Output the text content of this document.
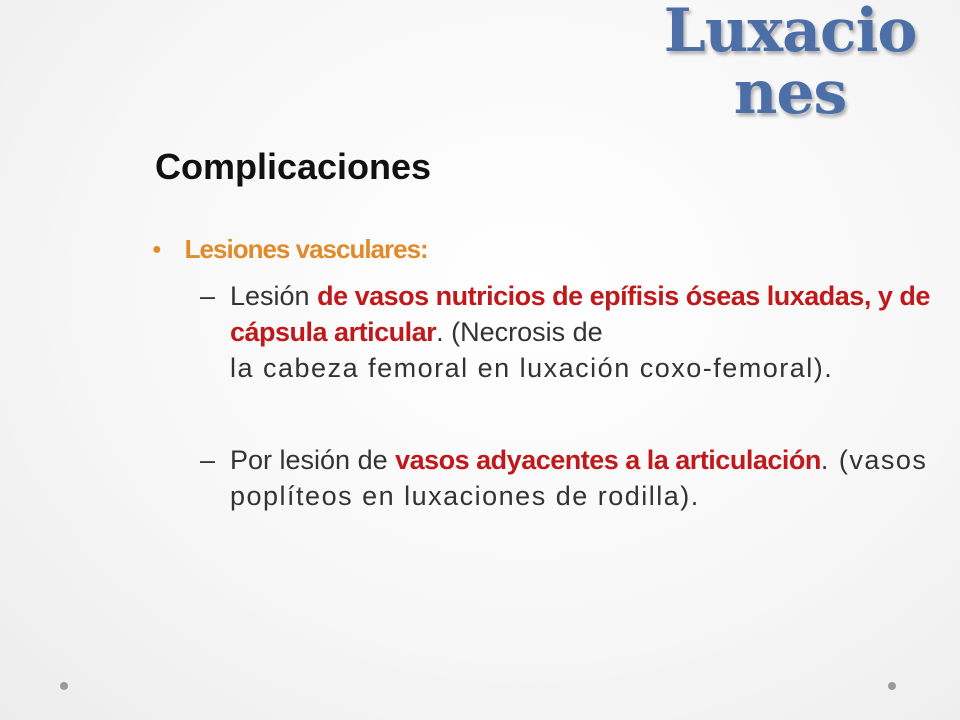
Luxacio
nes
Complicaciones
● Lesiones vasculares:
– Lesión de vasos nutricios de epífisis óseas luxadas, y de cápsula articular. (Necrosis de
la cabeza femoral en luxación coxo-femoral).
– Por lesión de vasos adyacentes a la articulación. (vasos poplíteos en luxaciones de rodilla).
